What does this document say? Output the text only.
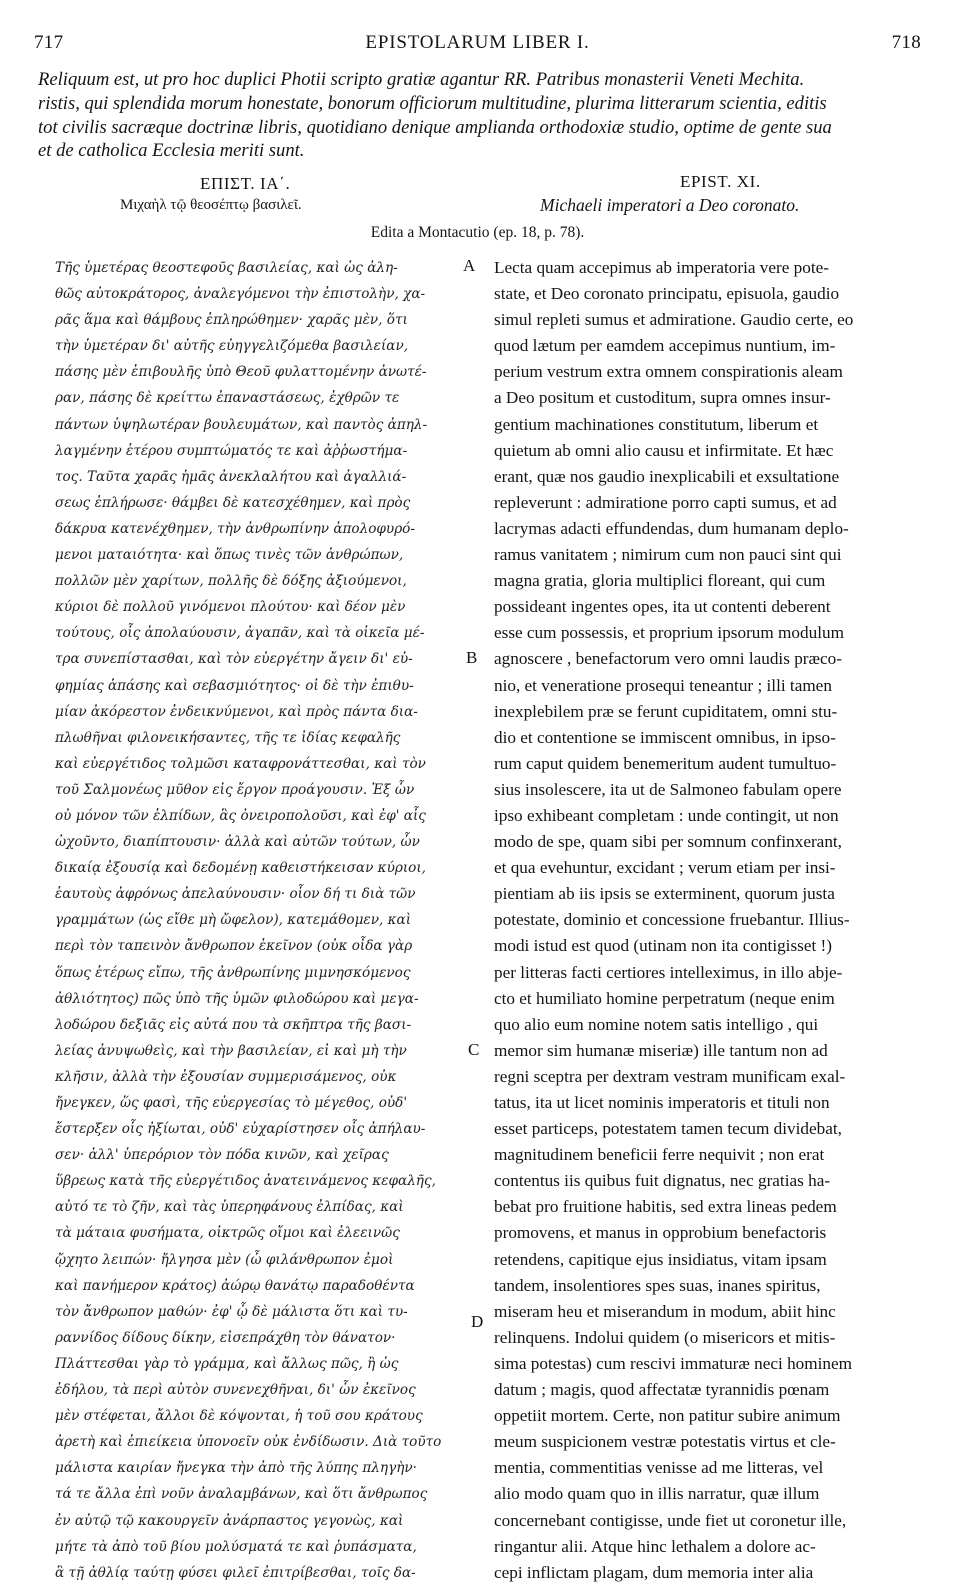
717	EPISTOLARUM LIBER I.	718
Reliquum est, ut pro hoc duplici Photii scripto gratiæ agantur RR. Patribus monasterii Veneti Mechita.
ristis, qui splendida morum honestate, bonorum officiorum multitudine, plurima litterarum scientia, editis
tot civilis sacræque doctrinæ libris, quotidiano denique amplianda orthodoxiæ studio, optime de gente sua
et de catholica Ecclesia meriti sunt.
ΕΠΙΣΤ. ΙΑ΄.
Μιχαὴλ τῷ θεοσέπτῳ βασιλεῖ.
EPIST. XI.
Michaeli imperatori a Deo coronato.
Edita a Montacutio (ep. 18, p. 78).
Τῆς ὑμετέρας θεοστεφοῦς βασιλείας, καὶ ὡς ἀλη-
θῶς αὐτοκράτορος, ἀναλεγόμενοι τὴν ἐπιστολὴν, χα-
ρᾶς ἅμα καὶ θάμβους ἐπληρώθημεν· χαρᾶς μὲν, ὅτι
τὴν ὑμετέραν δι' αὐτῆς εὐηγγελιζόμεθα βασιλείαν,
πάσης μὲν ἐπιβουλῆς ὑπὸ Θεοῦ φυλαττομένην ἀνωτέ-
ραν, πάσης δὲ κρείττω ἐπαναστάσεως, ἐχθρῶν τε
πάντων ὑψηλωτέραν βουλευμάτων, καὶ παντὸς ἀπηλ-
λαγμένην ἑτέρου συμπτώματός τε καὶ ἀῤῥωστήμα-
τος. Ταῦτα χαρᾶς ἡμᾶς ἀνεκλαλήτου καὶ ἀγαλλιά-
σεως ἐπλήρωσε· θάμβει δὲ κατεσχέθημεν, καὶ πρὸς
δάκρυα κατενέχθημεν, τὴν ἀνθρωπίνην ἀπολοφυρό-
μενοι ματαιότητα· καὶ ὅπως τινὲς τῶν ἀνθρώπων,
πολλῶν μὲν χαρίτων, πολλῆς δὲ δόξης ἀξιούμενοι,
κύριοι δὲ πολλοῦ γινόμενοι πλούτου· καὶ δέον μὲν
τούτους, οἷς ἀπολαύουσιν, ἀγαπᾶν, καὶ τὰ οἰκεῖα μέ-
τρα συνεπίστασθαι, καὶ τὸν εὐεργέτην ἄγειν δι' εὐ-
φημίας ἁπάσης καὶ σεβασμιότητος· οἱ δὲ τὴν ἐπιθυ-
μίαν ἀκόρεστον ἐνδεικνύμενοι, καὶ πρὸς πάντα δια-
πλωθῆναι φιλονεικήσαντες, τῆς τε ἰδίας κεφαλῆς
καὶ εὐεργέτιδος τολμῶσι καταφρονάττεσθαι, καὶ τὸν
τοῦ Σαλμονέως μῦθον εἰς ἔργον προάγουσιν. Ἐξ ὧν
οὐ μόνον τῶν ἐλπίδων, ἃς ὀνειροπολοῦσι, καὶ ἐφ' αἷς
ὠχοῦντο, διαπίπτουσιν· ἀλλὰ καὶ αὐτῶν τούτων, ὧν
δικαίᾳ ἐξουσίᾳ καὶ δεδομένῃ καθειστήκεισαν κύριοι,
ἑαυτοὺς ἀφρόνως ἀπελαύνουσιν· οἷον δή τι διὰ τῶν
γραμμάτων (ὡς εἴθε μὴ ὤφελον), κατεμάθομεν, καὶ
περὶ τὸν ταπεινὸν ἄνθρωπον ἐκεῖνον (οὐκ οἶδα γὰρ
ὅπως ἑτέρως εἴπω, τῆς ἀνθρωπίνης μιμνησκόμενος
ἀθλιότητος) πῶς ὑπὸ τῆς ὑμῶν φιλοδώρου καὶ μεγα-
λοδώρου δεξιᾶς εἰς αὐτά που τὰ σκῆπτρα τῆς βασι-
λείας ἀνυψωθεὶς, καὶ τὴν βασιλείαν, εἰ καὶ μὴ τὴν
κλῆσιν, ἀλλὰ τὴν ἐξουσίαν συμμερισάμενος, οὐκ
ἤνεγκεν, ὥς φασὶ, τῆς εὐεργεσίας τὸ μέγεθος, οὐδ'
ἔστερξεν οἷς ἠξίωται, οὐδ' εὐχαρίστησεν οἷς ἀπήλαυ-
σεν· ἀλλ' ὑπερόριον τὸν πόδα κινῶν, καὶ χεῖρας
ὕβρεως κατὰ τῆς εὐεργέτιδος ἀνατεινάμενος κεφαλῆς,
αὐτό τε τὸ ζῆν, καὶ τὰς ὑπερηφάνους ἐλπίδας, καὶ
τὰ μάταια φυσήματα, οἰκτρῶς οἴμοι καὶ ἐλεεινῶς
ᾤχητο λειπών· ἤλγησα μὲν (ὦ φιλάνθρωπον ἐμοὶ
καὶ πανήμερον κράτος) ἀώρῳ θανάτῳ παραδοθέντα
τὸν ἄνθρωπον μαθών· ἐφ' ᾧ δὲ μάλιστα ὅτι καὶ τυ-
ραννίδος δίδους δίκην, εἰσεπράχθη τὸν θάνατον·
Πλάττεσθαι γὰρ τὸ γράμμα, καὶ ἄλλως πῶς, ἢ ὡς
ἐδήλου, τὰ περὶ αὐτὸν συνενεχθῆναι, δι' ὧν ἐκεῖνος
μὲν στέφεται, ἄλλοι δὲ κόψονται, ἡ τοῦ σου κράτους
ἀρετὴ καὶ ἐπιείκεια ὑπονοεῖν οὐκ ἐνδίδωσιν. Διὰ τοῦτο
μάλιστα καιρίαν ἤνεγκα τὴν ἀπὸ τῆς λύπης πληγὴν·
τά τε ἄλλα ἐπὶ νοῦν ἀναλαμβάνων, καὶ ὅτι ἄνθρωπος
ἐν αὐτῷ τῷ κακουργεῖν ἀνάρπαστος γεγονὼς, καὶ
μήτε τὰ ἀπὸ τοῦ βίου μολύσματά τε καὶ ῥυπάσματα,
ἃ τῇ ἀθλίᾳ ταύτῃ φύσει φιλεῖ ἐπιτρίβεσθαι, τοῖς δα-
Lecta quam accepimus ab imperatoria vere pote-
state, et Deo coronato principatu, episuola, gaudio
simul repleti sumus et admiratione. Gaudio certe, eo
quod lætum per eamdem accepimus nuntium, im-
perium vestrum extra omnem conspirationis aleam
a Deo positum et custoditum, supra omnes insur-
gentium machinationes constitutum, liberum et
quietum ab omni alio causu et infirmitate. Et hæc
erant, quæ nos gaudio inexplicabili et exsultatione
repleverunt : admiratione porro capti sumus, et ad
lacrymas adacti effundendas, dum humanam deplo-
ramus vanitatem ; nimirum cum non pauci sint qui
magna gratia, gloria multiplici floreant, qui cum
possideant ingentes opes, ita ut contenti deberent
esse cum possessis, et proprium ipsorum modulum
agnoscere , benefactorum vero omni laudis præco-
nio, et veneratione prosequi teneantur ; illi tamen
inexplebilem præ se ferunt cupiditatem, omni stu-
dio et contentione se immiscent omnibus, in ipso-
rum caput quidem benemeritum audent tumultuo-
sius insolescere, ita ut de Salmoneo fabulam opere
ipso exhibeant completam : unde contingit, ut non
modo de spe, quam sibi per somnum confinxerant,
et qua evehuntur, excidant ; verum etiam per insi-
pientiam ab iis ipsis se exterminent, quorum justa
potestate, dominio et concessione fruebantur. Illius-
modi istud est quod (utinam non ita contigisset !)
per litteras facti certiores intelleximus, in illo abje-
cto et humiliato homine perpetratum (neque enim
quo alio eum nomine notem satis intelligo , qui
memor sim humanæ miseriæ) ille tantum non ad
regni sceptra per dextram vestram munificam exal-
tatus, ita ut licet nominis imperatoris et tituli non
esset particeps, potestatem tamen tecum dividebat,
magnitudinem beneficii ferre nequivit ; non erat
contentus iis quibus fuit dignatus, nec gratias ha-
bebat pro fruitione habitis, sed extra lineas pedem
promovens, et manus in opprobium benefactoris
retendens, capitique ejus insidiatus, vitam ipsam
tandem, insolentiores spes suas, inanes spiritus,
miseram heu et miserandum in modum, abiit hinc
relinquens. Indolui quidem (o misericors et mitis-
sima potestas) cum rescivi immaturæ neci hominem
datum ; magis, quod affectatæ tyrannidis pœnam
oppetiit mortem. Certe, non patitur subire animum
meum suspicionem vestræ potestatis virtus et cle-
mentia, commentitias venisse ad me litteras, vel
alio modo quam quo in illis narratur, quæ illum
concernebant contigisse, unde fiet ut coronetur ille,
ringantur alii. Atque hinc lethalem a dolore ac-
cepi inflictam plagam, dum memoria inter alia
A
B
C
D
